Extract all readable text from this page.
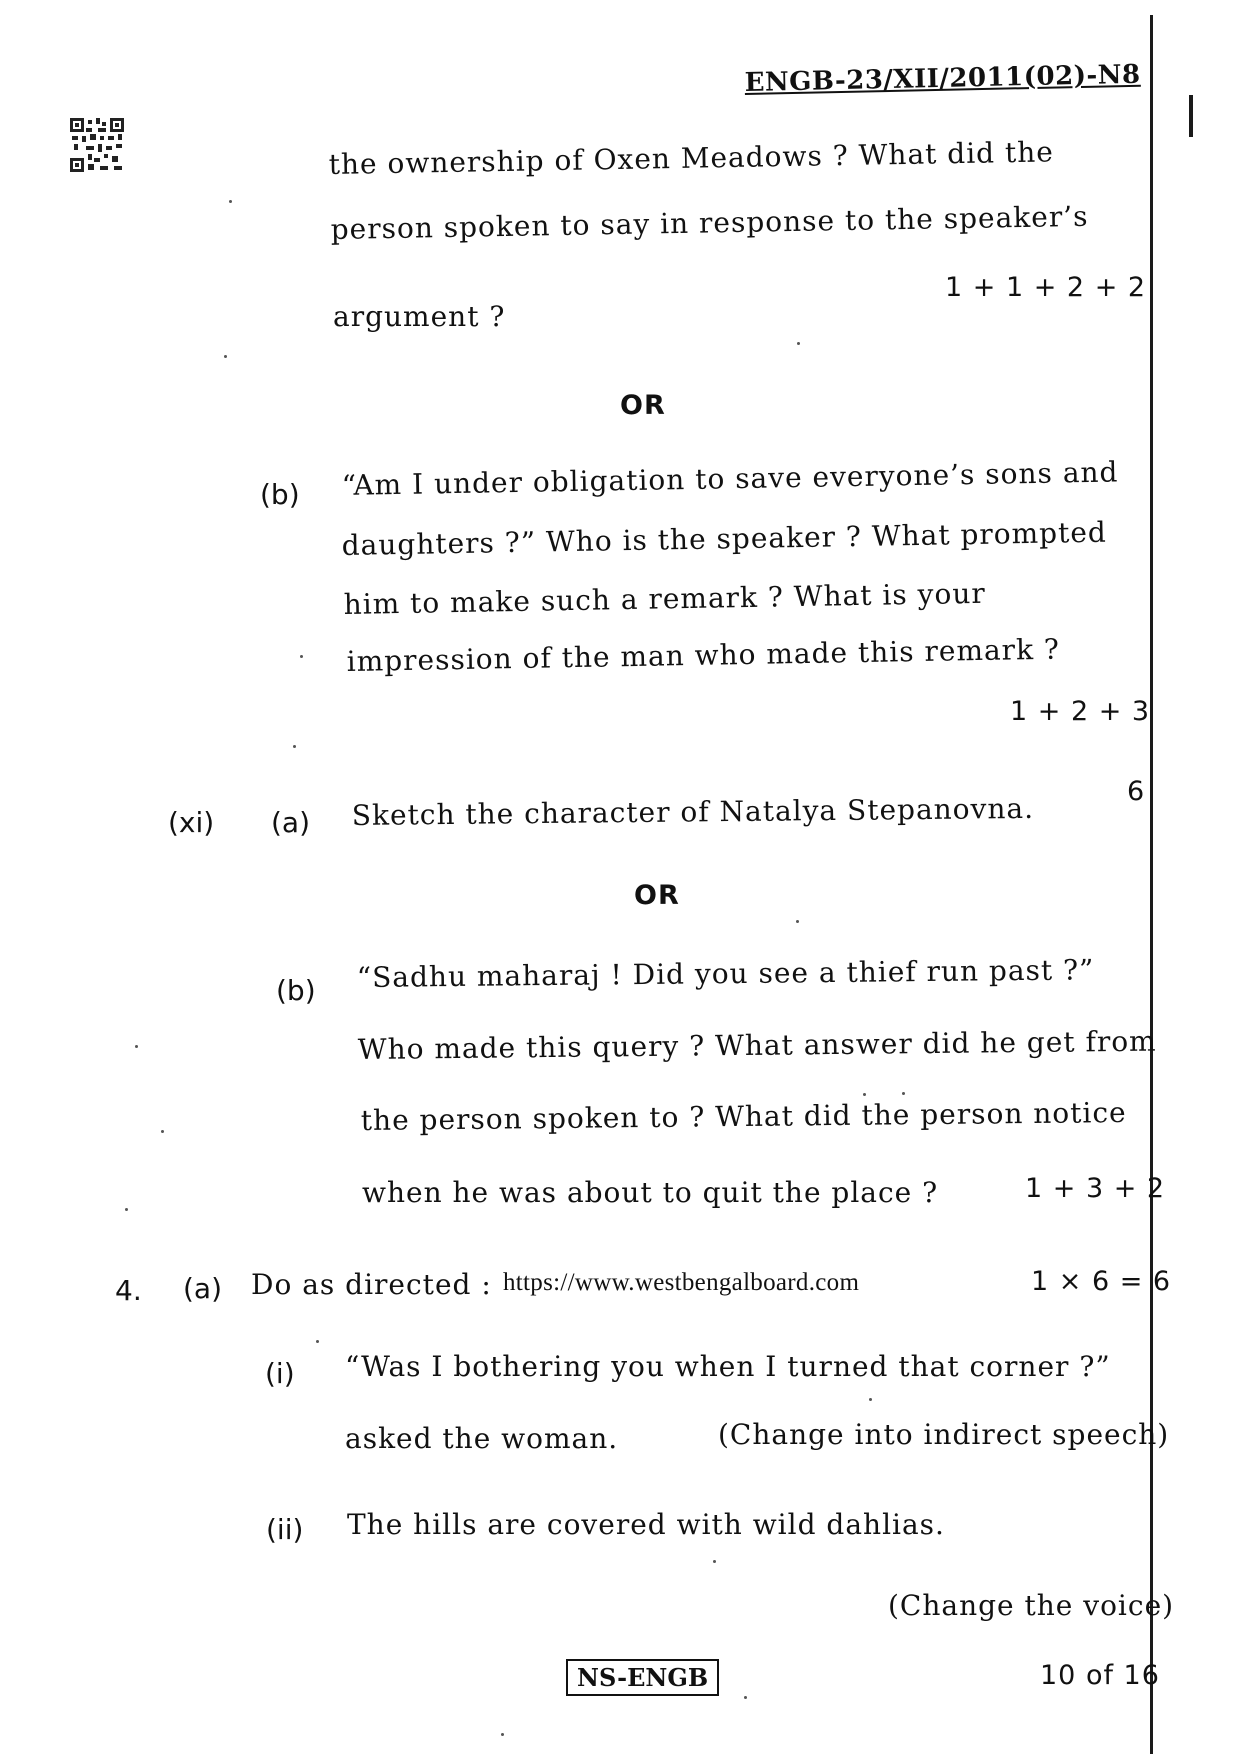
ENGB-23/XII/2011(02)-N8
the ownership of Oxen Meadows ? What did the
person spoken to say in response to the speaker’s
1 + 1 + 2 + 2
argument ?
OR
(b) “Am I under obligation to save everyone’s sons and
daughters ?” Who is the speaker ? What prompted
him to make such a remark ? What is your
impression of the man who made this remark ?
1 + 2 + 3
(xi) (a) Sketch the character of Natalya Stepanovna.
6
OR
(b) “Sadhu maharaj ! Did you see a thief run past ?”
Who made this query ? What answer did he get from
the person spoken to ? What did the person notice
when he was about to quit the place ?	1 + 3 + 2
4. (a) Do as directed : https://www.westbengalboard.com	1 × 6 = 6
(i) “Was I bothering you when I turned that corner ?”
asked the woman.	(Change into indirect speech)
(ii) The hills are covered with wild dahlias.
(Change the voice)
NS-ENGB	10 of 16
